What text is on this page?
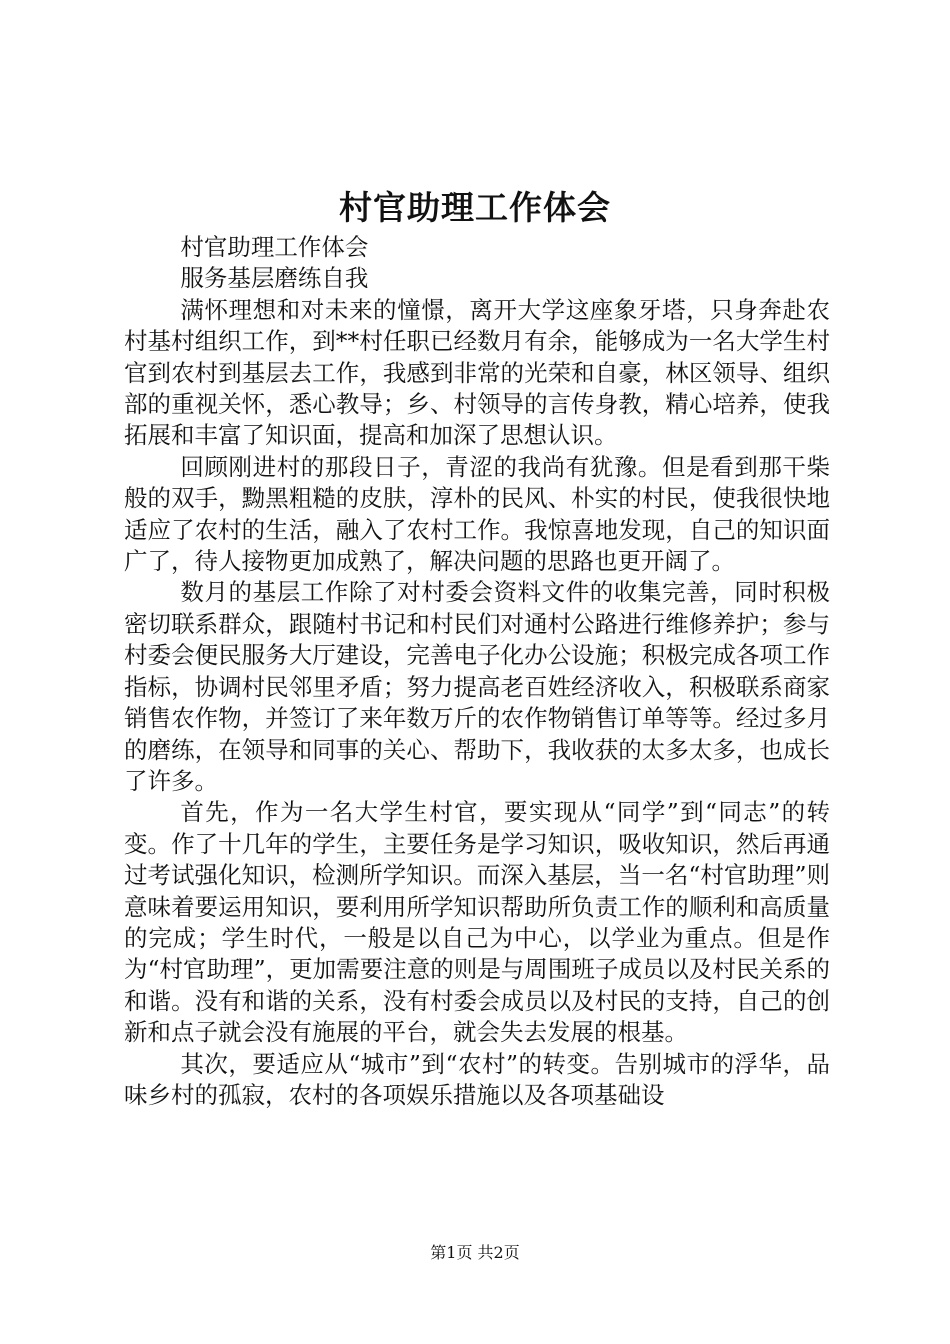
村官助理工作体会

村官助理工作体会

服务基层磨练自我

满怀理想和对未来的憧憬，离开大学这座象牙塔，只身奔赴农村基村组织工作，到**村任职已经数月有余，能够成为一名大学生村官到农村到基层去工作，我感到非常的光荣和自豪，林区领导、组织部的重视关怀，悉心教导；乡、村领导的言传身教，精心培养，使我拓展和丰富了知识面，提高和加深了思想认识。

回顾刚进村的那段日子，青涩的我尚有犹豫。但是看到那干柴般的双手，黝黑粗糙的皮肤，淳朴的民风、朴实的村民，使我很快地适应了农村的生活，融入了农村工作。我惊喜地发现，自己的知识面广了，待人接物更加成熟了，解决问题的思路也更开阔了。

数月的基层工作除了对村委会资料文件的收集完善，同时积极密切联系群众，跟随村书记和村民们对通村公路进行维修养护；参与村委会便民服务大厅建设，完善电子化办公设施；积极完成各项工作指标，协调村民邻里矛盾；努力提高老百姓经济收入，积极联系商家销售农作物，并签订了来年数万斤的农作物销售订单等等。经过多月的磨练，在领导和同事的关心、帮助下，我收获的太多太多，也成长了许多。

首先，作为一名大学生村官，要实现从“同学”到“同志”的转变。作了十几年的学生，主要任务是学习知识，吸收知识，然后再通过考试强化知识，检测所学知识。而深入基层，当一名“村官助理”则意味着要运用知识，要利用所学知识帮助所负责工作的顺利和高质量的完成；学生时代，一般是以自己为中心，以学业为重点。但是作为“村官助理”，更加需要注意的则是与周围班子成员以及村民关系的和谐。没有和谐的关系，没有村委会成员以及村民的支持，自己的创新和点子就会没有施展的平台，就会失去发展的根基。

其次，要适应从“城市”到“农村”的转变。告别城市的浮华，品味乡村的孤寂，农村的各项娱乐措施以及各项基础设

第1页 共2页
